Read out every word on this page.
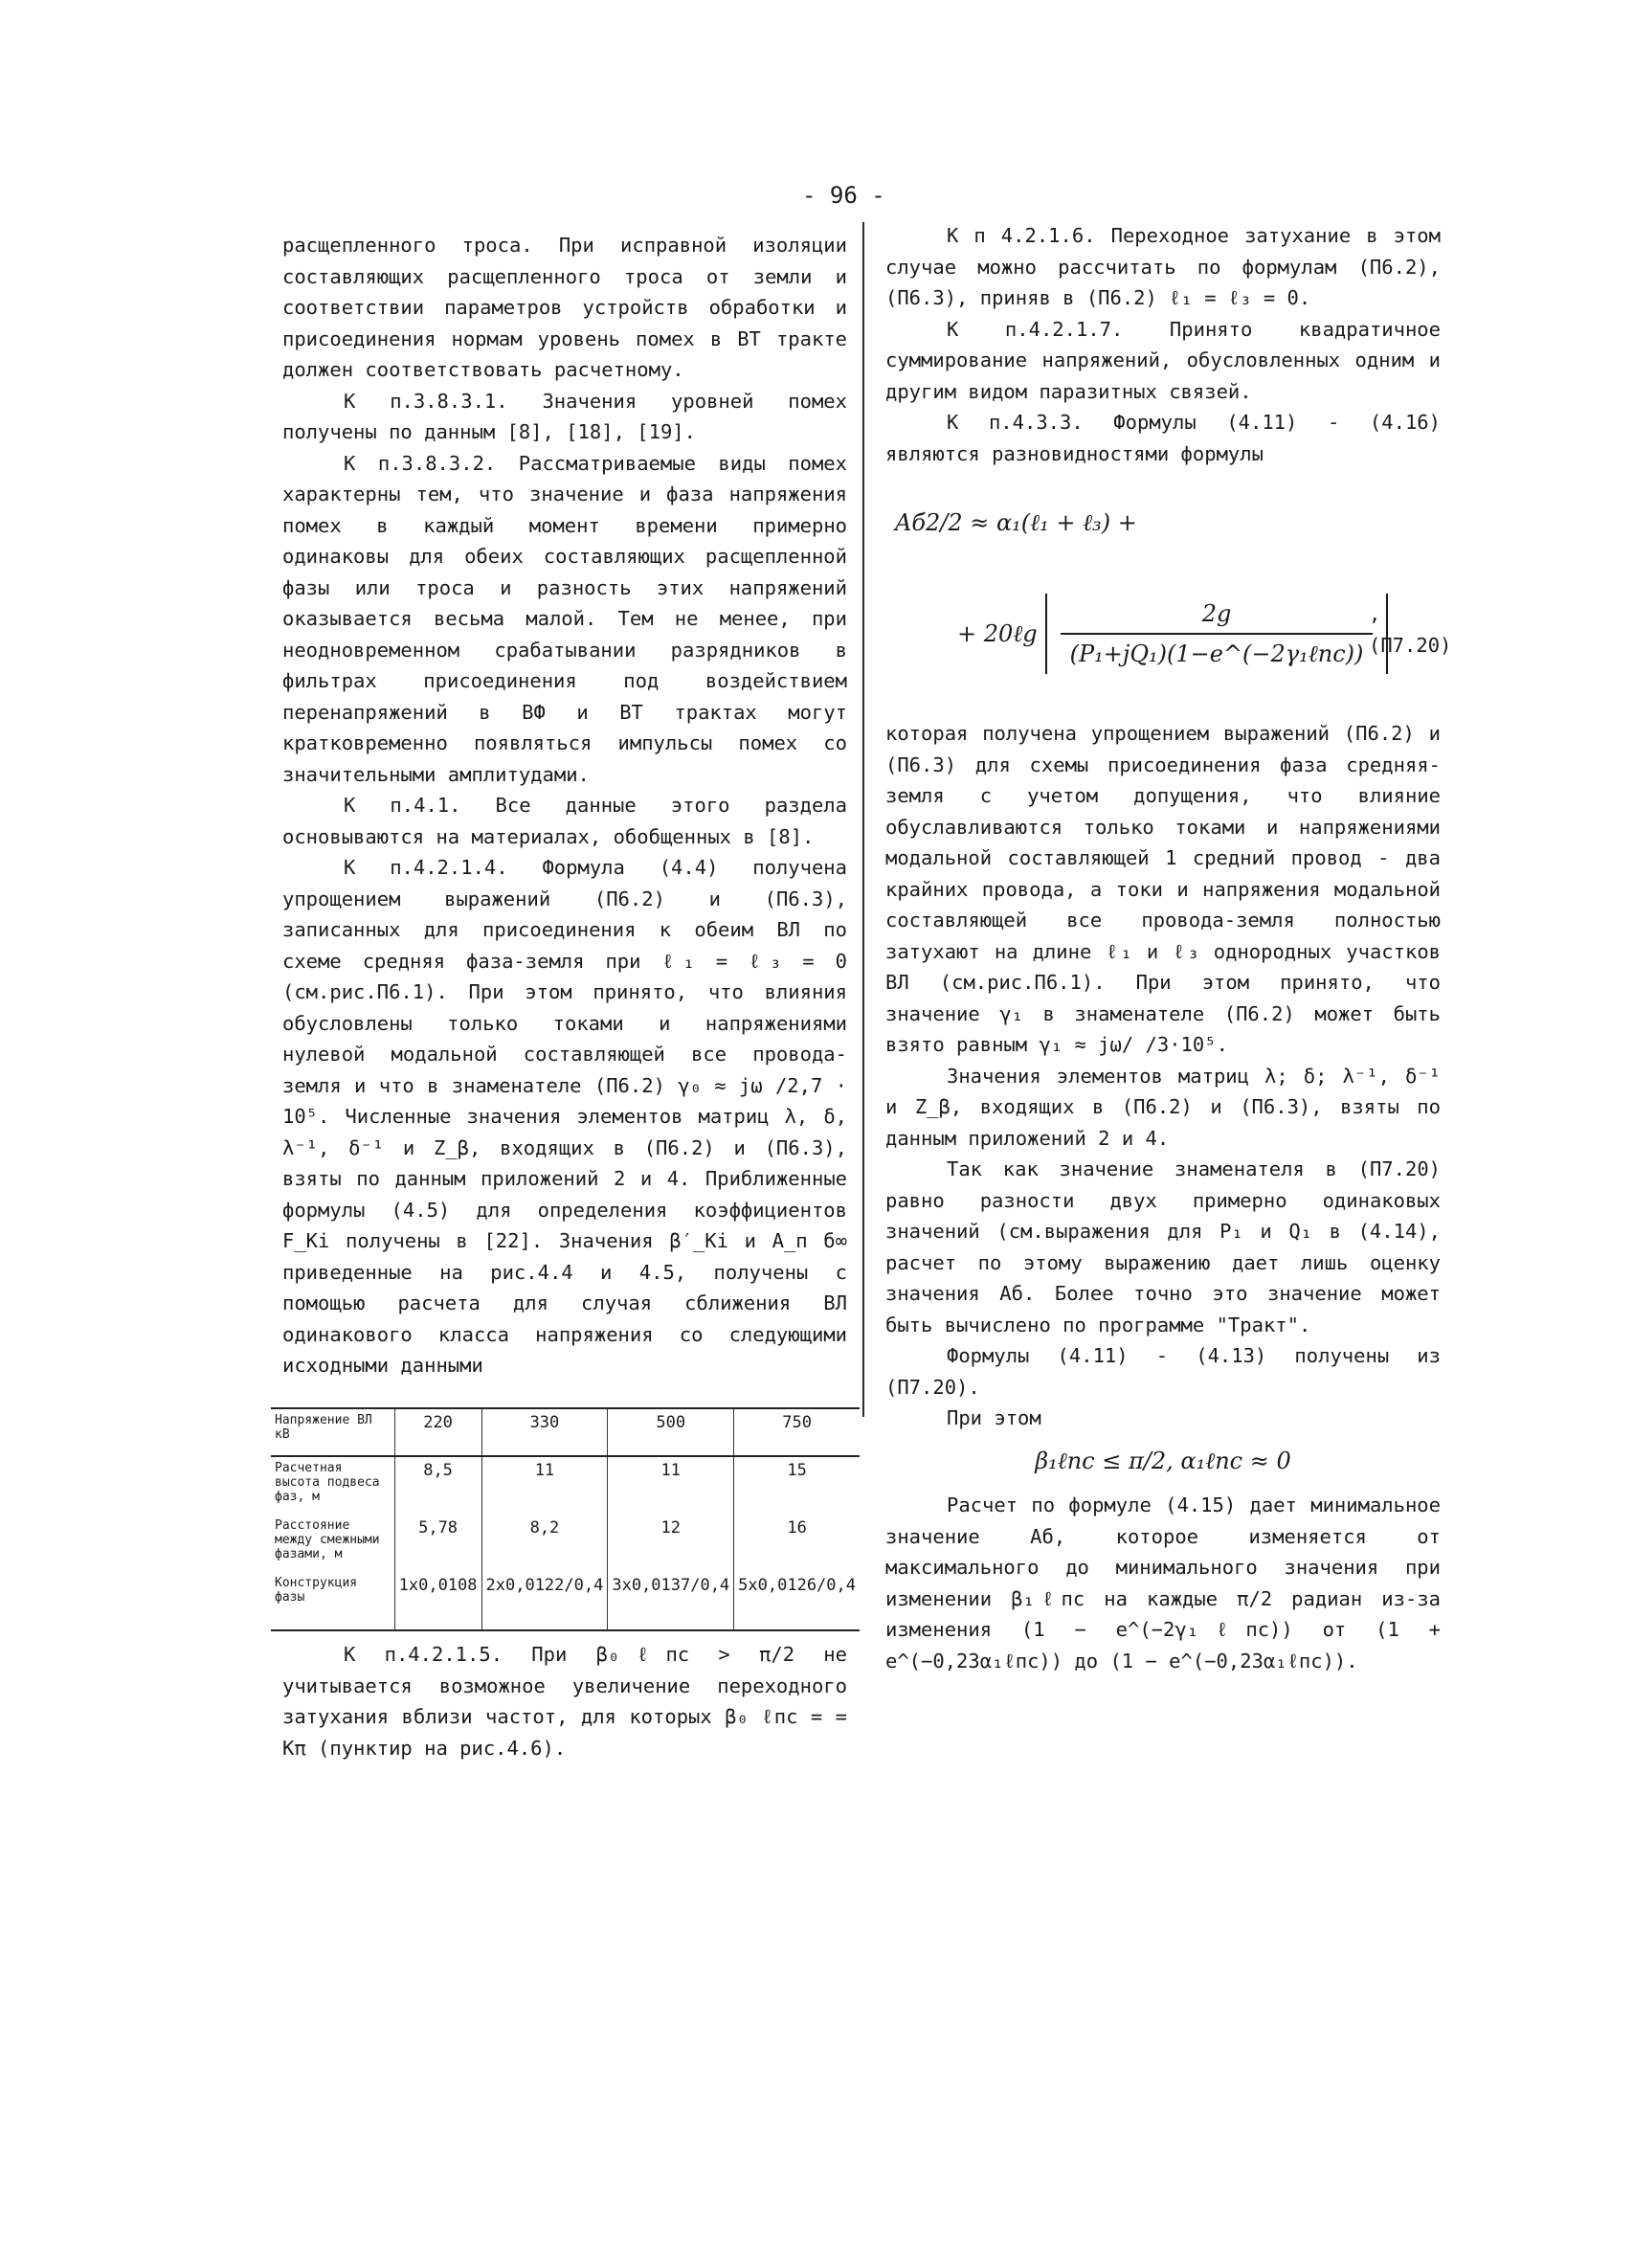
- 96 -

расщепленного троса. При исправной изоляции составляющих расщепленного троса от земли и соответствии параметров устройств обработки и присоединения нормам уровень помех в ВТ тракте должен соответствовать расчетному.

К п.3.8.3.1. Значения уровней помех получены по данным [8], [18], [19].

К п.3.8.3.2. Рассматриваемые виды помех характерны тем, что значение и фаза напряжения помех в каждый момент времени примерно одинаковы для обеих составляющих расщепленной фазы или троса и разность этих напряжений оказывается весьма малой. Тем не менее, при неодновременном срабатывании разрядников в фильтрах присоединения под воздействием перенапряжений в ВФ и ВТ трактах могут кратковременно появляться импульсы помех со значительными амплитудами.

К п.4.1. Все данные этого раздела основываются на материалах, обобщенных в [8].

К п.4.2.1.4. Формула (4.4) получена упрощением выражений (П6.2) и (П6.3), записанных для присоединения к обеим ВЛ по схеме средняя фаза-земля при ℓ₁ = ℓ₃ = 0 (см.рис.П6.1). При этом принято, что влияния обусловлены только токами и напряжениями нулевой модальной составляющей все провода-земля и что в знаменателе (П6.2) γ₀ ≈ jω /2,7 · 10⁵. Численные значения элементов матриц λ, δ, λ⁻¹, δ⁻¹ и Z_β, входящих в (П6.2) и (П6.3), взяты по данным приложений 2 и 4. Приближенные формулы (4.5) для определения коэффициентов F_Кi получены в [22]. Значения β′_Кi и A_п б∞ приведенные на рис.4.4 и 4.5, получены с помощью расчета для случая сближения ВЛ одинакового класса напряжения со следующими исходными данными

Напряжение ВЛ кВ	220	330	500	750
Расчетная высота подвеса фаз, м	8,5	11	11	15
Расстояние между смежными фазами, м	5,78	8,2	12	16
Конструкция фазы	1x0,0108	2x0,0122/0,4	3x0,0137/0,4	5x0,0126/0,4

К п.4.2.1.5. При β₀ℓпс > π/2 не учитывается возможное увеличение переходного затухания вблизи частот, для которых β₀ ℓпс = = Kπ (пунктир на рис.4.6).

К п 4.2.1.6. Переходное затухание в этом случае можно рассчитать по формулам (П6.2), (П6.3), приняв в (П6.2) ℓ₁ = ℓ₃ = 0.

К п.4.2.1.7. Принято квадратичное суммирование напряжений, обусловленных одним и другим видом паразитных связей.

К п.4.3.3. Формулы (4.11) - (4.16) являются разновидностями формулы

Aб2/2 ≈ α₁(ℓ₁ + ℓ₃) +
+ 20ℓg $\frac{2g}{\text{(P₁+jQ₁)(1−e\textasciicircum{}(−2γ₁ℓпс))}}$
, (П7.20)

которая получена упрощением выражений (П6.2) и (П6.3) для схемы присоединения фаза средняя-земля с учетом допущения, что влияние обуславливаются только токами и напряжениями модальной составляющей 1 средний провод - два крайних провода, а токи и напряжения модальной составляющей все провода-земля полностью затухают на длине ℓ₁ и ℓ₃ однородных участков ВЛ (см.рис.П6.1). При этом принято, что значение γ₁ в знаменателе (П6.2) может быть взято равным γ₁ ≈ jω/ /3·10⁵.

Значения элементов матриц λ; δ; λ⁻¹, δ⁻¹ и Z_β, входящих в (П6.2) и (П6.3), взяты по данным приложений 2 и 4.

Так как значение знаменателя в (П7.20) равно разности двух примерно одинаковых значений (см.выражения для P₁ и Q₁ в (4.14), расчет по этому выражению дает лишь оценку значения Aб. Более точно это значение может быть вычислено по программе "Тракт".

Формулы (4.11) - (4.13) получены из (П7.20).

При этом

β₁ℓпс ≤ π/2, α₁ℓпс ≈ 0

Расчет по формуле (4.15) дает минимальное значение Aб, которое изменяется от максимального до минимального значения при изменении β₁ℓпс на каждые π/2 радиан из-за изменения (1 − e^(−2γ₁ℓпс)) от (1 + e^(−0,23α₁ℓпс)) до (1 − e^(−0,23α₁ℓпс)).
